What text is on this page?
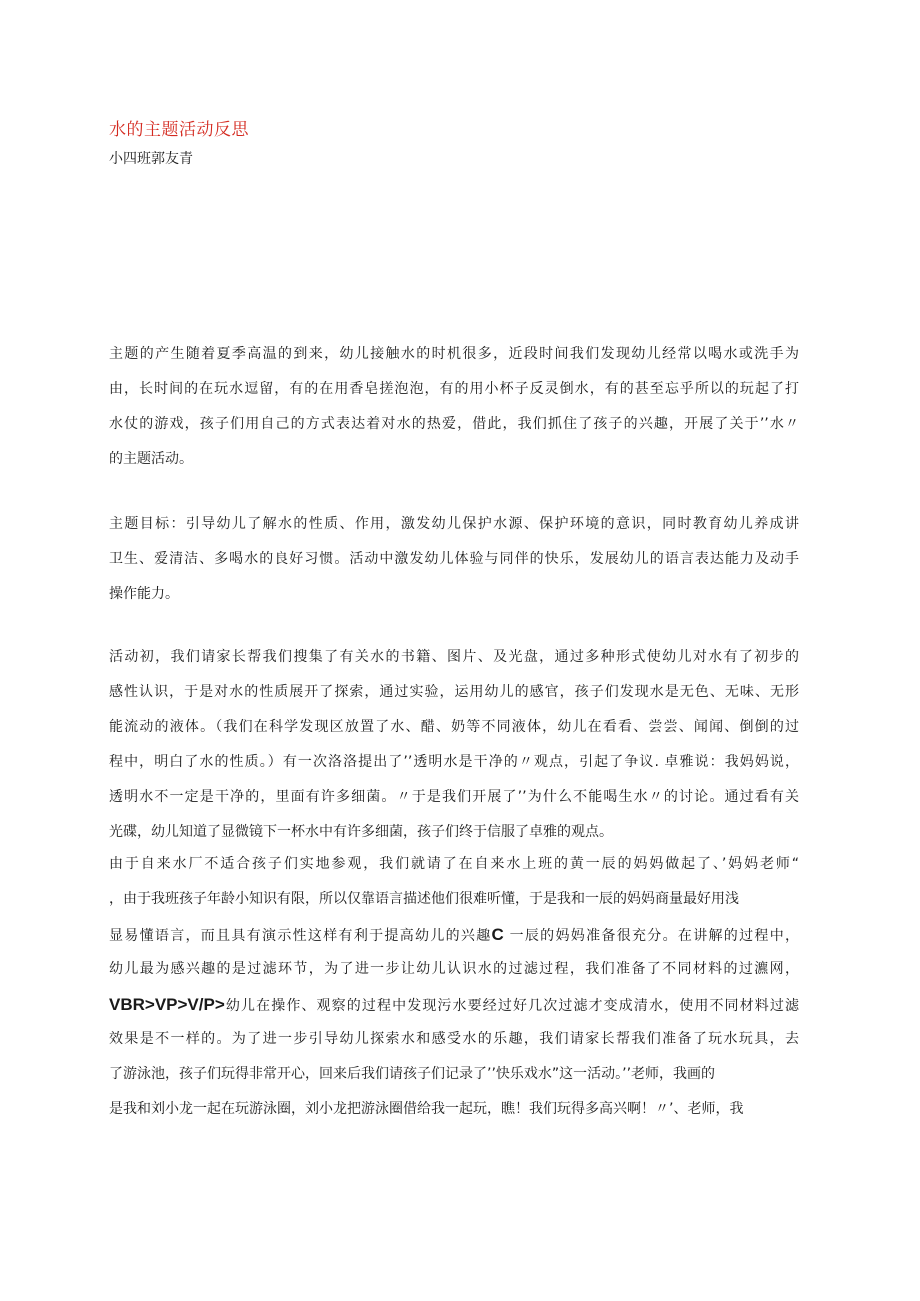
水的主题活动反思
小四班郭友青
主题的产生随着夏季高温的到来，幼儿接触水的时机很多，近段时间我们发现幼儿经常以喝水或洗手为
由，长时间的在玩水逗留，有的在用香皂搓泡泡，有的用小杯子反灵倒水，有的甚至忘乎所以的玩起了打
水仗的游戏，孩子们用自己的方式表达着对水的热爱，借此，我们抓住了孩子的兴趣，开展了关于’’水〃
的主题活动。
主题目标：引导幼儿了解水的性质、作用，激发幼儿保护水源、保护环境的意识，同时教育幼儿养成讲
卫生、爱清洁、多喝水的良好习惯。活动中激发幼儿体验与同伴的快乐，发展幼儿的语言表达能力及动手
操作能力。
活动初，我们请家长帮我们搜集了有关水的书籍、图片、及光盘，通过多种形式使幼儿对水有了初步的
感性认识，于是对水的性质展开了探索，通过实验，运用幼儿的感官，孩子们发现水是无色、无味、无形
能流动的液体。（我们在科学发现区放置了水、醋、奶等不同液体，幼儿在看看、尝尝、闻闻、倒倒的过
程中，明白了水的性质。）有一次洛洛提出了’’透明水是干净的〃观点，引起了争议. 卓雅说：我妈妈说，
透明水不一定是干净的，里面有许多细菌。〃于是我们开展了’’为什么不能喝生水〃的讨论。通过看有关
光碟，幼儿知道了显微镜下一杯水中有许多细菌，孩子们终于信服了卓雅的观点。
由于自来水厂不适合孩子们实地参观，我们就请了在自来水上班的黄一辰的妈妈做起了、’妈妈老师“
，由于我班孩子年龄小知识有限，所以仅靠语言描述他们很难听懂，于是我和一辰的妈妈商量最好用浅
显易懂语言，而且具有演示性这样有利于提高幼儿的兴趣C 一辰的妈妈准备很充分。在讲解的过程中，
幼儿最为感兴趣的是过滤环节，为了进一步让幼儿认识水的过滤过程，我们准备了不同材料的过瀌网，
VBR>VP>V/P>幼儿在操作、观察的过程中发现污水要经过好几次过滤才变成清水，使用不同材料过滤
效果是不一样的。为了进一步引导幼儿探索水和感受水的乐趣，我们请家长帮我们准备了玩水玩具，去
了游泳池，孩子们玩得非常开心，回来后我们请孩子们记录了’’快乐戏水”这一活动。’’老师，我画的
是我和刘小龙一起在玩游泳圈，刘小龙把游泳圈借给我一起玩，瞧！我们玩得多高兴啊！〃’、老师，我
